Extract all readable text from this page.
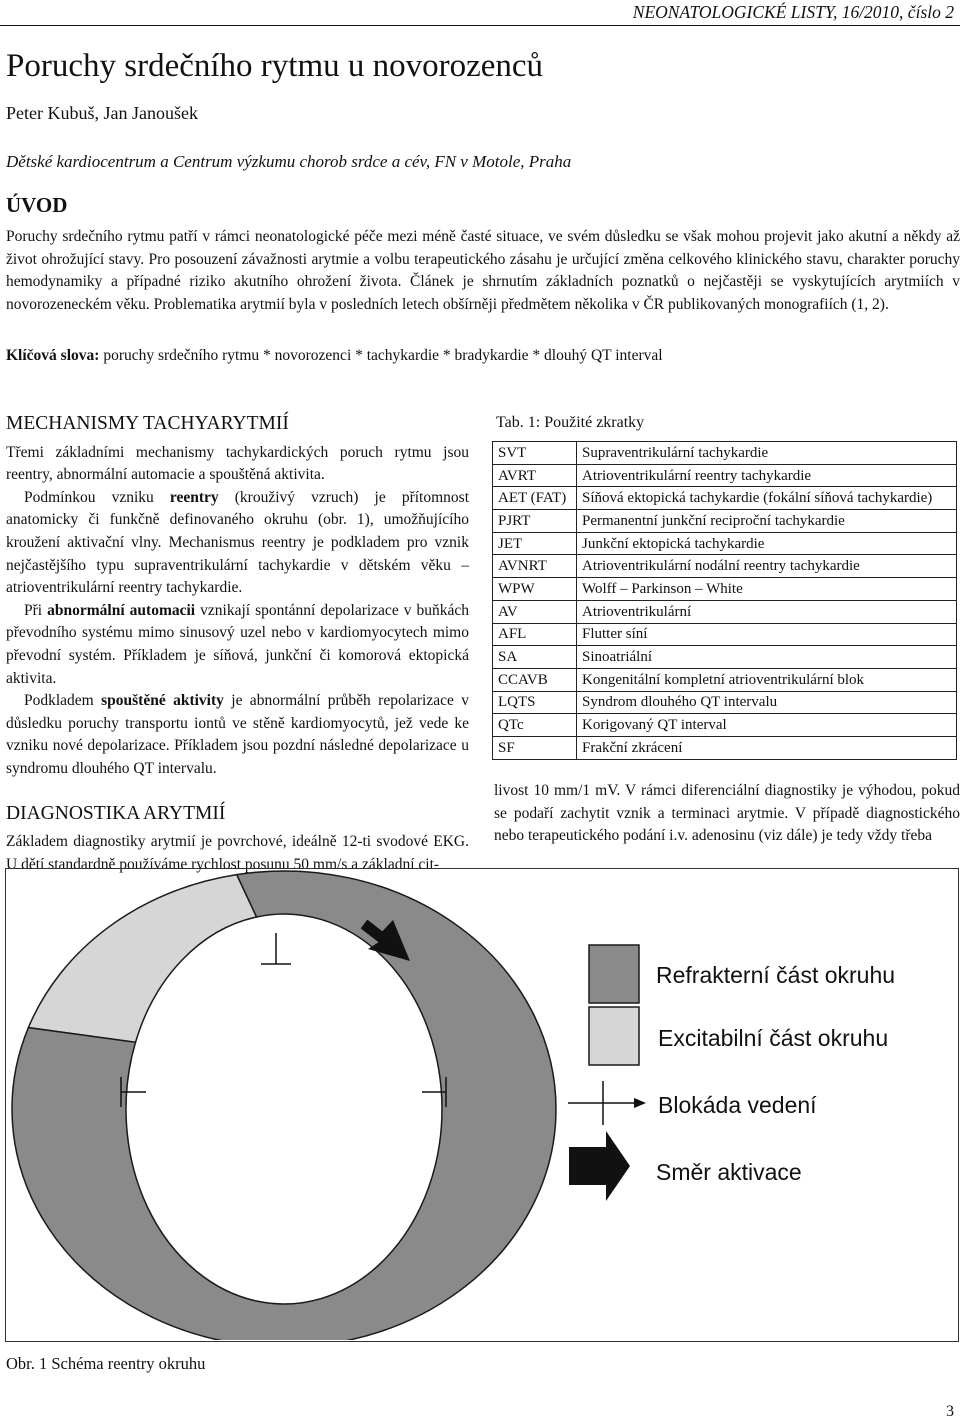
NEONATOLOGICKÉ LISTY, 16/2010, číslo 2
Poruchy srdečního rytmu u novorozenců
Peter Kubuš, Jan Janoušek
Dětské kardiocentrum a Centrum výzkumu chorob srdce a cév, FN v Motole, Praha
ÚVOD

Poruchy srdečního rytmu patří v rámci neonatologické péče mezi méně časté situace, ve svém důsledku se však mohou projevit jako akutní a někdy až život ohrožující stavy. Pro posouzení závažnosti arytmie a volbu terapeutického zásahu je určující změna celkového klinického stavu, charakter poruchy hemodynamiky a případné riziko akutního ohrožení života. Článek je shrnutím základních poznatků o nejčastěji se vyskytujících arytmiích v novorozeneckém věku. Problematika arytmií byla v posledních letech obšírněji předmětem několika v ČR publikovaných monografiích (1, 2).

Klíčová slova: poruchy srdečního rytmu * novorozenci * tachykardie * bradykardie * dlouhý QT interval
MECHANISMY TACHYARYTMIÍ

Třemi základními mechanismy tachykardických poruch rytmu jsou reentry, abnormální automacie a spouštěná aktivita.

Podmínkou vzniku reentry (krouživý vzruch) je přítomnost anatomicky či funkčně definovaného okruhu (obr. 1), umožňujícího kroužení aktivační vlny. Mechanismus reentry je podkladem pro vznik nejčastějšího typu supraventrikulární tachykardie v dětském věku – atrioventrikulární reentry tachykardie.

Při abnormální automacii vznikají spontánní depolarizace v buňkách převodního systému mimo sinusový uzel nebo v kardiomyocytech mimo převodní systém. Příkladem je síňová, junkční či komorová ektopická aktivita.

Podkladem spouštěné aktivity je abnormální průběh repolarizace v důsledku poruchy transportu iontů ve stěně kardiomyocytů, jež vede ke vzniku nové depolarizace. Příkladem jsou pozdní následné depolarizace u syndromu dlouhého QT intervalu.

DIAGNOSTIKA ARYTMIÍ

Základem diagnostiky arytmií je povrchové, ideálně 12-ti svodové EKG. U dětí standardně používáme rychlost posunu 50 mm/s a základní cit-

Tab. 1: Použité zkratky
SVT	Supraventrikulární tachykardie
AVRT	Atrioventrikulární reentry tachykardie
AET (FAT)	Síňová ektopická tachykardie (fokální síňová tachykardie)
PJRT	Permanentní junkční reciproční tachykardie
JET	Junkční ektopická tachykardie
AVNRT	Atrioventrikulární nodální reentry tachykardie
WPW	Wolff – Parkinson – White
AV	Atrioventrikulární
AFL	Flutter síní
SA	Sinoatriální
CCAVB	Kongenitální kompletní atrioventrikulární blok
LQTS	Syndrom dlouhého QT intervalu
QTc	Korigovaný QT interval
SF	Frakční zkrácení

livost 10 mm/1 mV. V rámci diferenciální diagnostiky je výhodou, pokud se podaří zachytit vznik a terminaci arytmie. V případě diagnostického nebo terapeutického podání i.v. adenosinu (viz dále) je tedy vždy třeba

Refrakterní část okruhu
Excitabilní část okruhu
Blokáda vedení
Směr aktivace
Obr. 1 Schéma reentry okruhu
3
